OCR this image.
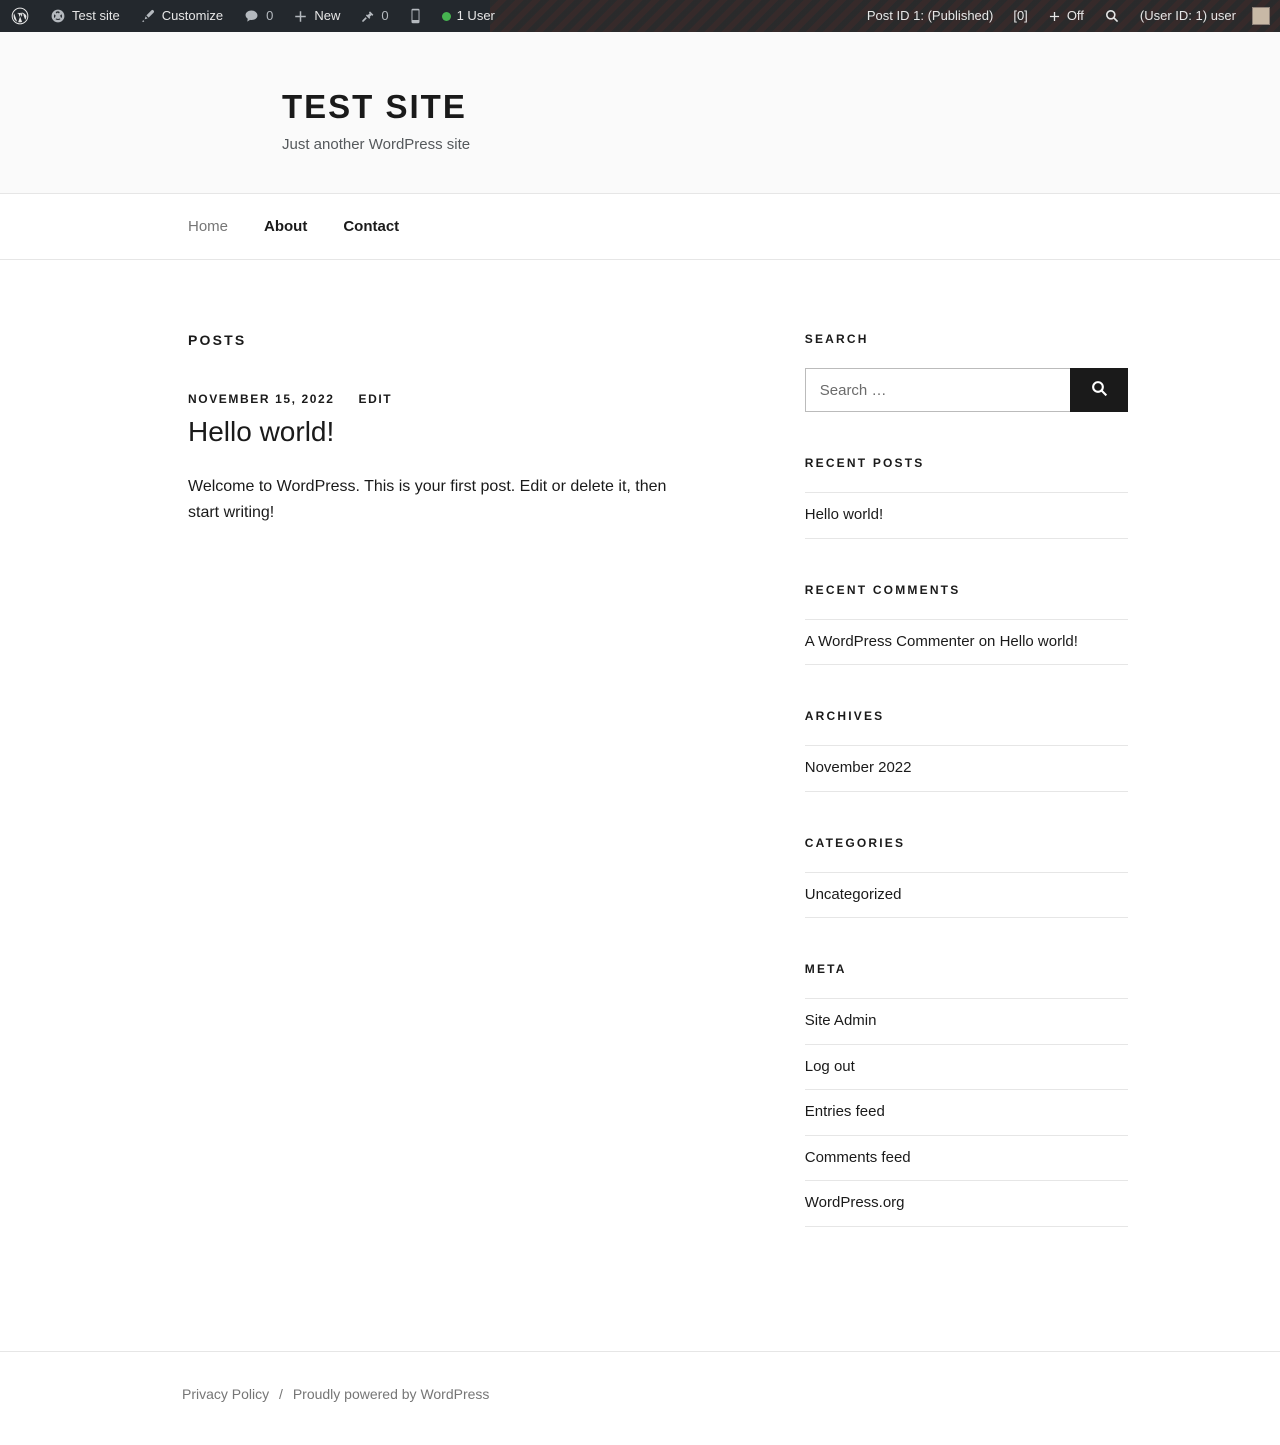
Test site	Customize	0	New	0	1 User	Post ID 1: (Published)	[0]	Off	(User ID: 1) user
TEST SITE

Just another WordPress site

Home About Contact
POSTS
NOVEMBER 15, 2022 EDIT
Hello world!

Welcome to WordPress. This is your first post. Edit or delete it, then start writing!

SEARCH
Search …
RECENT POSTS
Hello world!
RECENT COMMENTS
A WordPress Commenter on Hello world!
ARCHIVES
November 2022
CATEGORIES
Uncategorized
META
Site Admin
Log out
Entries feed
Comments feed
WordPress.org
Privacy Policy / Proudly powered by WordPress
